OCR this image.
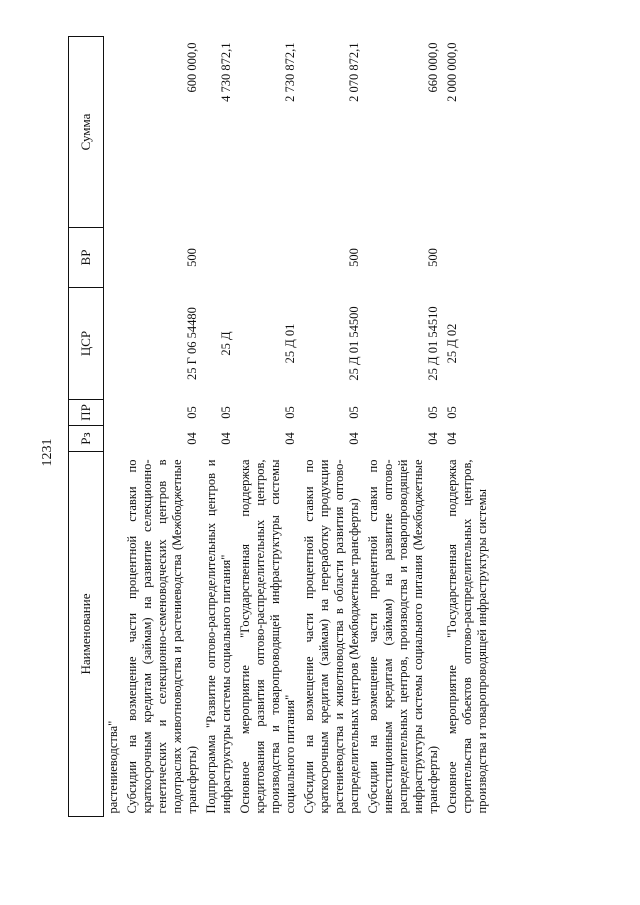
1231
Наименование	Рз	ПР	ЦСР	ВР	Сумма
растениеводства"					
Субсидии на возмещение части процентной ставки по краткосрочным кредитам (займам) на развитие селекционно-генетических и селекционно-семеноводческих центров в подотраслях животноводства и растениеводства (Межбюджетные трансферты)	04	05	25 Г 06 54480	500	600 000,0
Подпрограмма "Развитие оптово-распределительных центров и инфраструктуры системы социального питания"	04	05	25 Д		4 730 872,1
Основное мероприятие "Государственная поддержка кредитования развития оптово-распределительных центров, производства и товаропроводящей инфраструктуры системы социального питания"	04	05	25 Д 01		2 730 872,1
Субсидии на возмещение части процентной ставки по краткосрочным кредитам (займам) на переработку продукции растениеводства и животноводства в области развития оптово-распределительных центров (Межбюджетные трансферты)	04	05	25 Д 01 54500	500	2 070 872,1
Субсидии на возмещение части процентной ставки по инвестиционным кредитам (займам) на развитие оптово-распределительных центров, производства и товаропроводящей инфраструктуры системы социального питания (Межбюджетные трансферты)	04	05	25 Д 01 54510	500	660 000,0
Основное мероприятие "Государственная поддержка строительства объектов оптово-распределительных центров, производства и товаропроводящей инфраструктуры системы	04	05	25 Д 02		2 000 000,0
